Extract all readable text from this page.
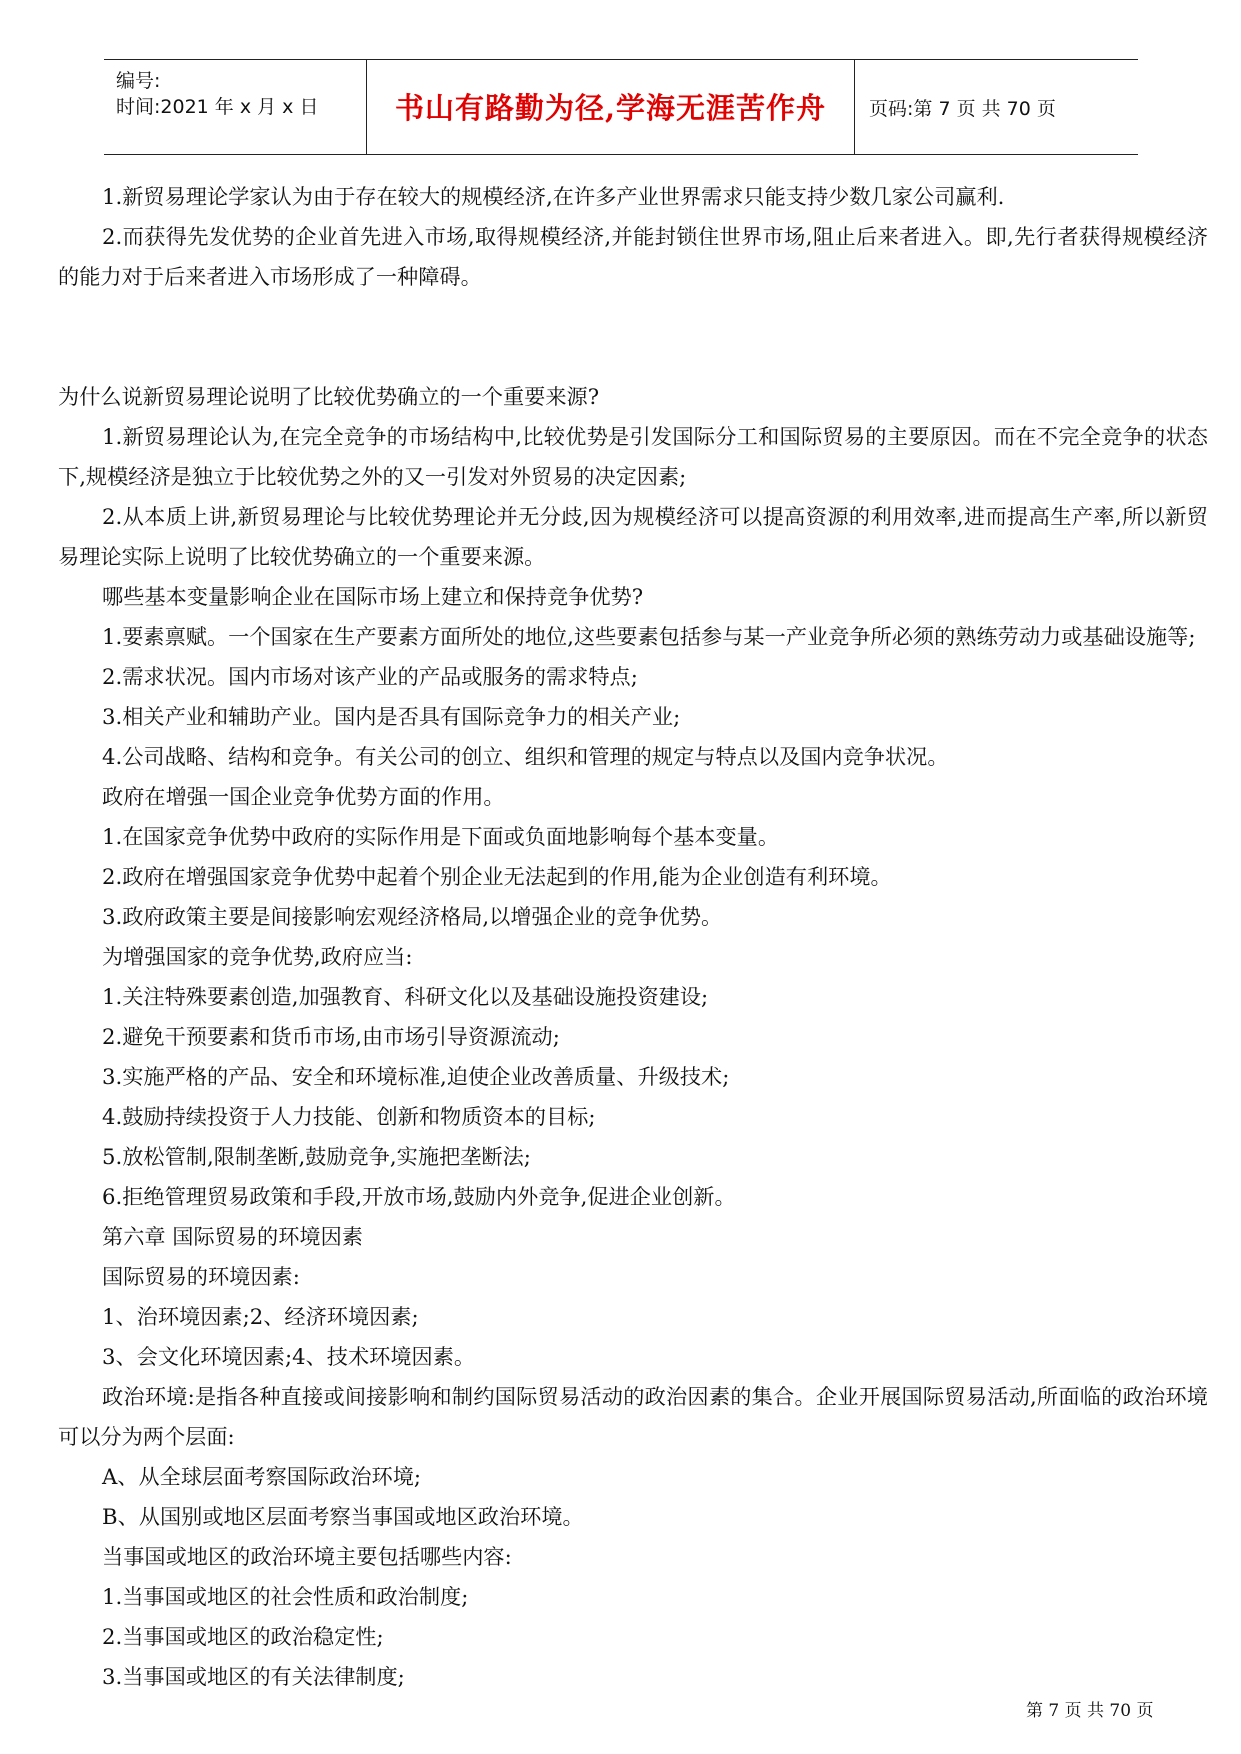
编号:
时间:2021 年 x 月 x 日	书山有路勤为径,学海无涯苦作舟	页码:第 7 页 共 70 页

1.新贸易理论学家认为由于存在较大的规模经济,在许多产业世界需求只能支持少数几家公司赢利.

2.而获得先发优势的企业首先进入市场,取得规模经济,并能封锁住世界市场,阻止后来者进入。即,先行者获得规模经济的能力对于后来者进入市场形成了一种障碍。

为什么说新贸易理论说明了比较优势确立的一个重要来源?

1.新贸易理论认为,在完全竞争的市场结构中,比较优势是引发国际分工和国际贸易的主要原因。而在不完全竞争的状态下,规模经济是独立于比较优势之外的又一引发对外贸易的决定因素;

2.从本质上讲,新贸易理论与比较优势理论并无分歧,因为规模经济可以提高资源的利用效率,进而提高生产率,所以新贸易理论实际上说明了比较优势确立的一个重要来源。

哪些基本变量影响企业在国际市场上建立和保持竞争优势?

1.要素禀赋。一个国家在生产要素方面所处的地位,这些要素包括参与某一产业竞争所必须的熟练劳动力或基础设施等;

2.需求状况。国内市场对该产业的产品或服务的需求特点;

3.相关产业和辅助产业。国内是否具有国际竞争力的相关产业;

4.公司战略、结构和竞争。有关公司的创立、组织和管理的规定与特点以及国内竞争状况。

政府在增强一国企业竞争优势方面的作用。

1.在国家竞争优势中政府的实际作用是下面或负面地影响每个基本变量。

2.政府在增强国家竞争优势中起着个别企业无法起到的作用,能为企业创造有利环境。

3.政府政策主要是间接影响宏观经济格局,以增强企业的竞争优势。

为增强国家的竞争优势,政府应当:

1.关注特殊要素创造,加强教育、科研文化以及基础设施投资建设;

2.避免干预要素和货币市场,由市场引导资源流动;

3.实施严格的产品、安全和环境标准,迫使企业改善质量、升级技术;

4.鼓励持续投资于人力技能、创新和物质资本的目标;

5.放松管制,限制垄断,鼓励竞争,实施把垄断法;

6.拒绝管理贸易政策和手段,开放市场,鼓励内外竞争,促进企业创新。

第六章 国际贸易的环境因素

国际贸易的环境因素:

1、治环境因素;2、经济环境因素;

3、会文化环境因素;4、技术环境因素。

政治环境:是指各种直接或间接影响和制约国际贸易活动的政治因素的集合。企业开展国际贸易活动,所面临的政治环境可以分为两个层面:

A、从全球层面考察国际政治环境;

B、从国别或地区层面考察当事国或地区政治环境。

当事国或地区的政治环境主要包括哪些内容:

1.当事国或地区的社会性质和政治制度;

2.当事国或地区的政治稳定性;

3.当事国或地区的有关法律制度;

第 7 页 共 70 页
